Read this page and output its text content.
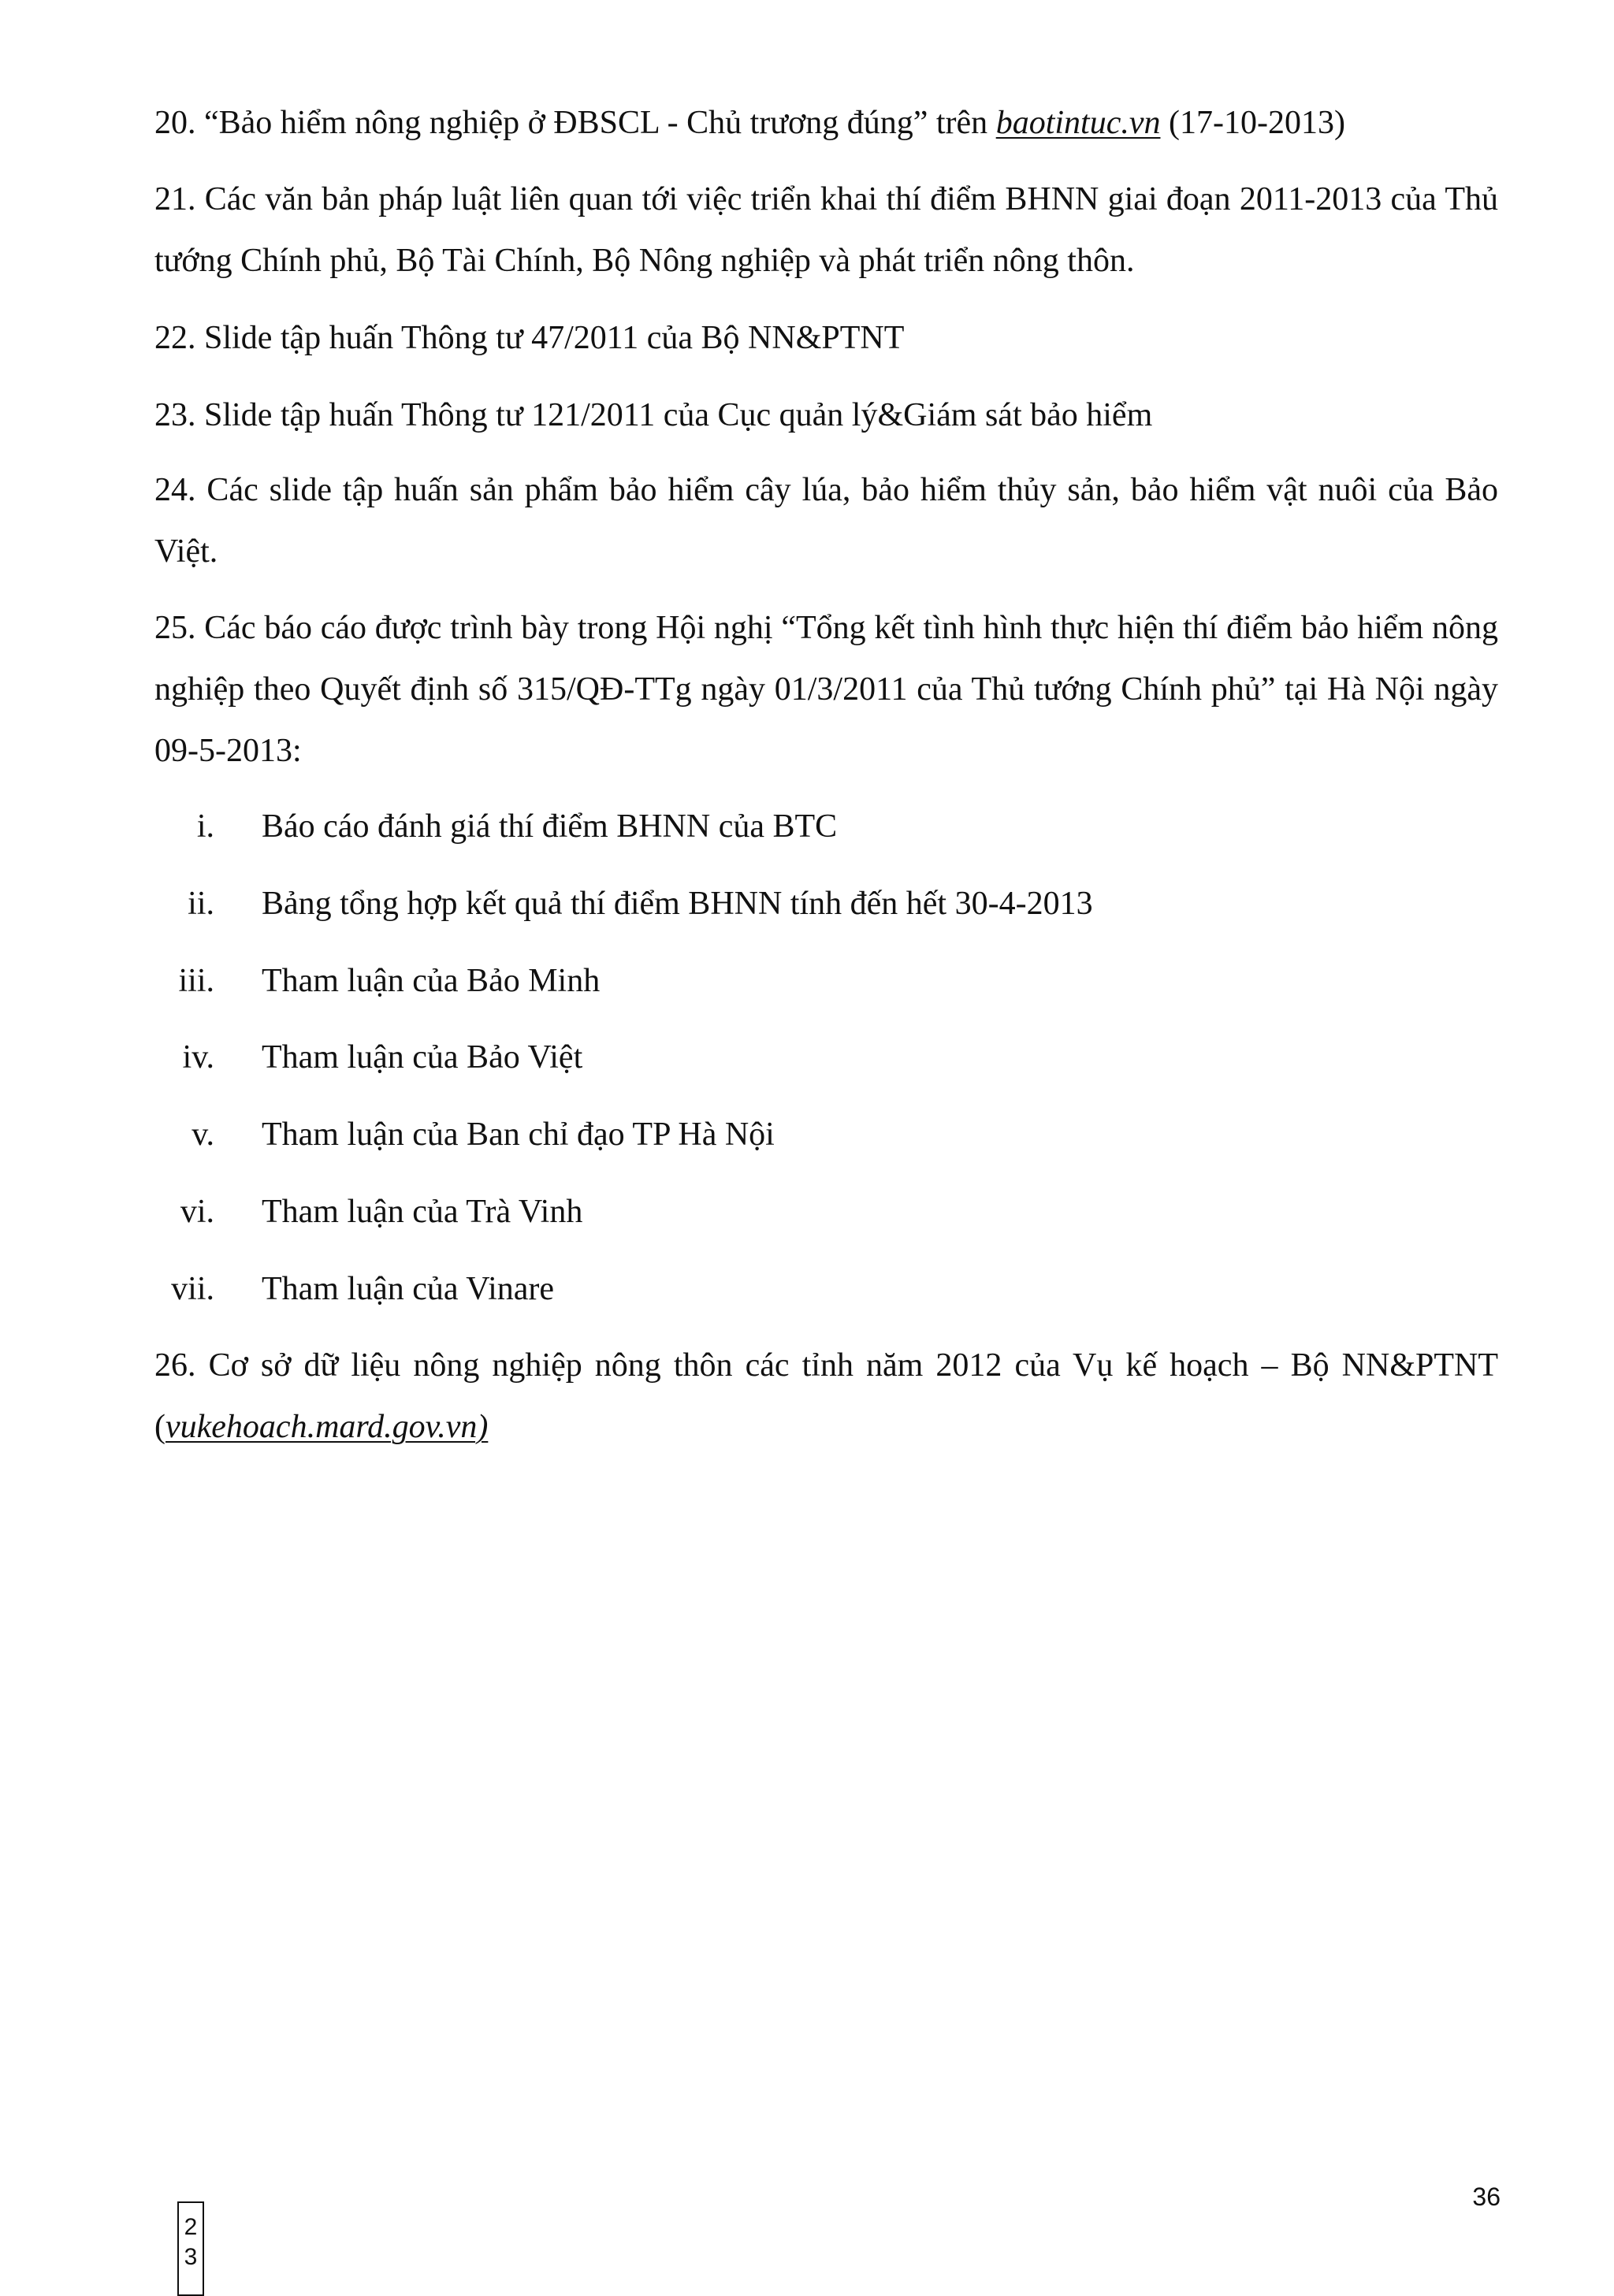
20. “Bảo hiểm nông nghiệp ở ĐBSCL - Chủ trương đúng” trên baotintuc.vn (17-10-2013)

21. Các văn bản pháp luật liên quan tới việc triển khai thí điểm BHNN giai đoạn 2011-2013 của Thủ tướng Chính phủ, Bộ Tài Chính, Bộ Nông nghiệp và phát triển nông thôn.

22. Slide tập huấn Thông tư 47/2011 của Bộ NN&PTNT

23. Slide tập huấn Thông tư 121/2011 của Cục quản lý&Giám sát bảo hiểm

24. Các slide tập huấn sản phẩm bảo hiểm cây lúa, bảo hiểm thủy sản, bảo hiểm vật nuôi của Bảo Việt.

25. Các báo cáo được trình bày trong Hội nghị “Tổng kết tình hình thực hiện thí điểm bảo hiểm nông nghiệp theo Quyết định số 315/QĐ-TTg ngày 01/3/2011 của Thủ tướng Chính phủ” tại Hà Nội ngày 09-5-2013:

i. Báo cáo đánh giá thí điểm BHNN của BTC
ii. Bảng tổng hợp kết quả thí điểm BHNN tính đến hết 30-4-2013
iii. Tham luận của Bảo Minh
iv. Tham luận của Bảo Việt
v. Tham luận của Ban chỉ đạo TP Hà Nội
vi. Tham luận của Trà Vinh
vii. Tham luận của Vinare

26. Cơ sở dữ liệu nông nghiệp nông thôn các tỉnh năm 2012 của Vụ kế hoạch – Bộ NN&PTNT (vukehoach.mard.gov.vn)

36
23
